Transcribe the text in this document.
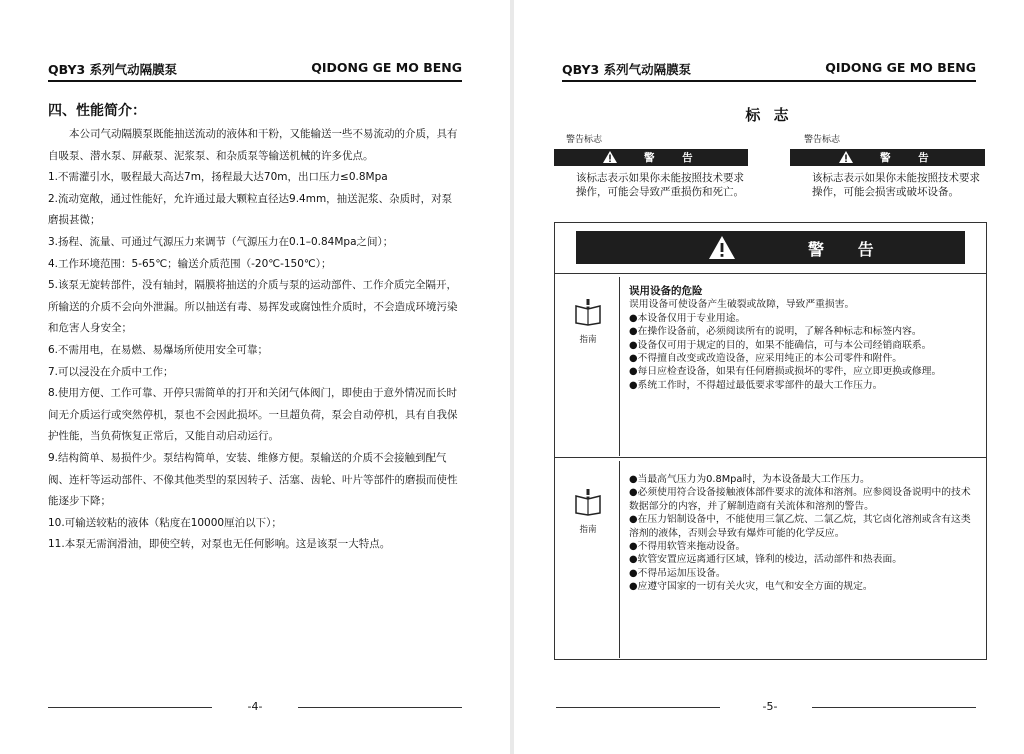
QBY3 系列气动隔膜泵	QIDONG GE MO BENG
四、性能简介：

　　本公司气动隔膜泵既能抽送流动的液体和干粉，又能输送一些不易流动的介质，具有自吸泵、潜水泵、屏蔽泵、泥浆泵、和杂质泵等输送机械的许多优点。

1.不需灌引水，吸程最大高达7m，扬程最大达70m，出口压力≤0.8Mpa

2.流动宽敞，通过性能好，允许通过最大颗粒直径达9.4mm，抽送泥浆、杂质时，对泵磨损甚微；

3.扬程、流量、可通过气源压力来调节（气源压力在0.1–0.84Mpa之间）；

4.工作环境范围：5-65℃；输送介质范围（-20℃-150℃）；

5.该泵无旋转部件，没有轴封，隔膜将抽送的介质与泵的运动部件、工作介质完全隔开，所输送的介质不会向外泄漏。所以抽送有毒、易挥发或腐蚀性介质时，不会造成环境污染和危害人身安全；

6.不需用电，在易燃、易爆场所使用安全可靠；

7.可以浸没在介质中工作；

8.使用方便、工作可靠、开停只需简单的打开和关闭气体阀门，即使由于意外情况而长时间无介质运行或突然停机，泵也不会因此损坏。一旦超负荷，泵会自动停机，具有自我保护性能，当负荷恢复正常后，又能自动启动运行。

9.结构简单、易损件少。泵结构简单，安装、维修方便。泵输送的介质不会接触到配气阀、连杆等运动部件、不像其他类型的泵因转子、活塞、齿轮、叶片等部件的磨损而使性能逐步下降；

10.可输送较粘的液体（粘度在10000厘泊以下）；

11.本泵无需润滑油，即使空转，对泵也无任何影响。这是该泵一大特点。

-4-
QBY3 系列气动隔膜泵	QIDONG GE MO BENG
标 志
警告标志
警 告
该标志表示如果你未能按照技术要求操作，可能会导致严重损伤和死亡。
警告标志
警 告
该标志表示如果你未能按照技术要求操作，可能会损害或破坏设备。
警 告
指南

误用设备的危险

误用设备可使设备产生破裂或故障，导致严重损害。

●本设备仅用于专业用途。

●在操作设备前，必须阅读所有的说明，了解各种标志和标签内容。

●设备仅可用于规定的目的，如果不能确信，可与本公司经销商联系。

●不得擅自改变或改造设备，应采用纯正的本公司零件和附件。

●每日应检查设备，如果有任何磨损或损坏的零件，应立即更换或修理。

●系统工作时，不得超过最低要求零部件的最大工作压力。

指南

●当最高气压力为0.8Mpa时，为本设备最大工作压力。

●必须使用符合设备接触液体部件要求的流体和溶剂。应参阅设备说明中的技术数据部分的内容，并了解制造商有关流体和溶剂的警告。

●在压力铝制设备中，不能使用三氯乙烷、二氯乙烷，其它卤化溶剂或含有这类溶剂的液体，否则会导致有爆炸可能的化学反应。

●不得用软管来拖动设备。

●软管安置应远离通行区域，锋利的棱边，活动部件和热表面。

●不得吊运加压设备。

●应遵守国家的一切有关火灾，电气和安全方面的规定。

-5-
